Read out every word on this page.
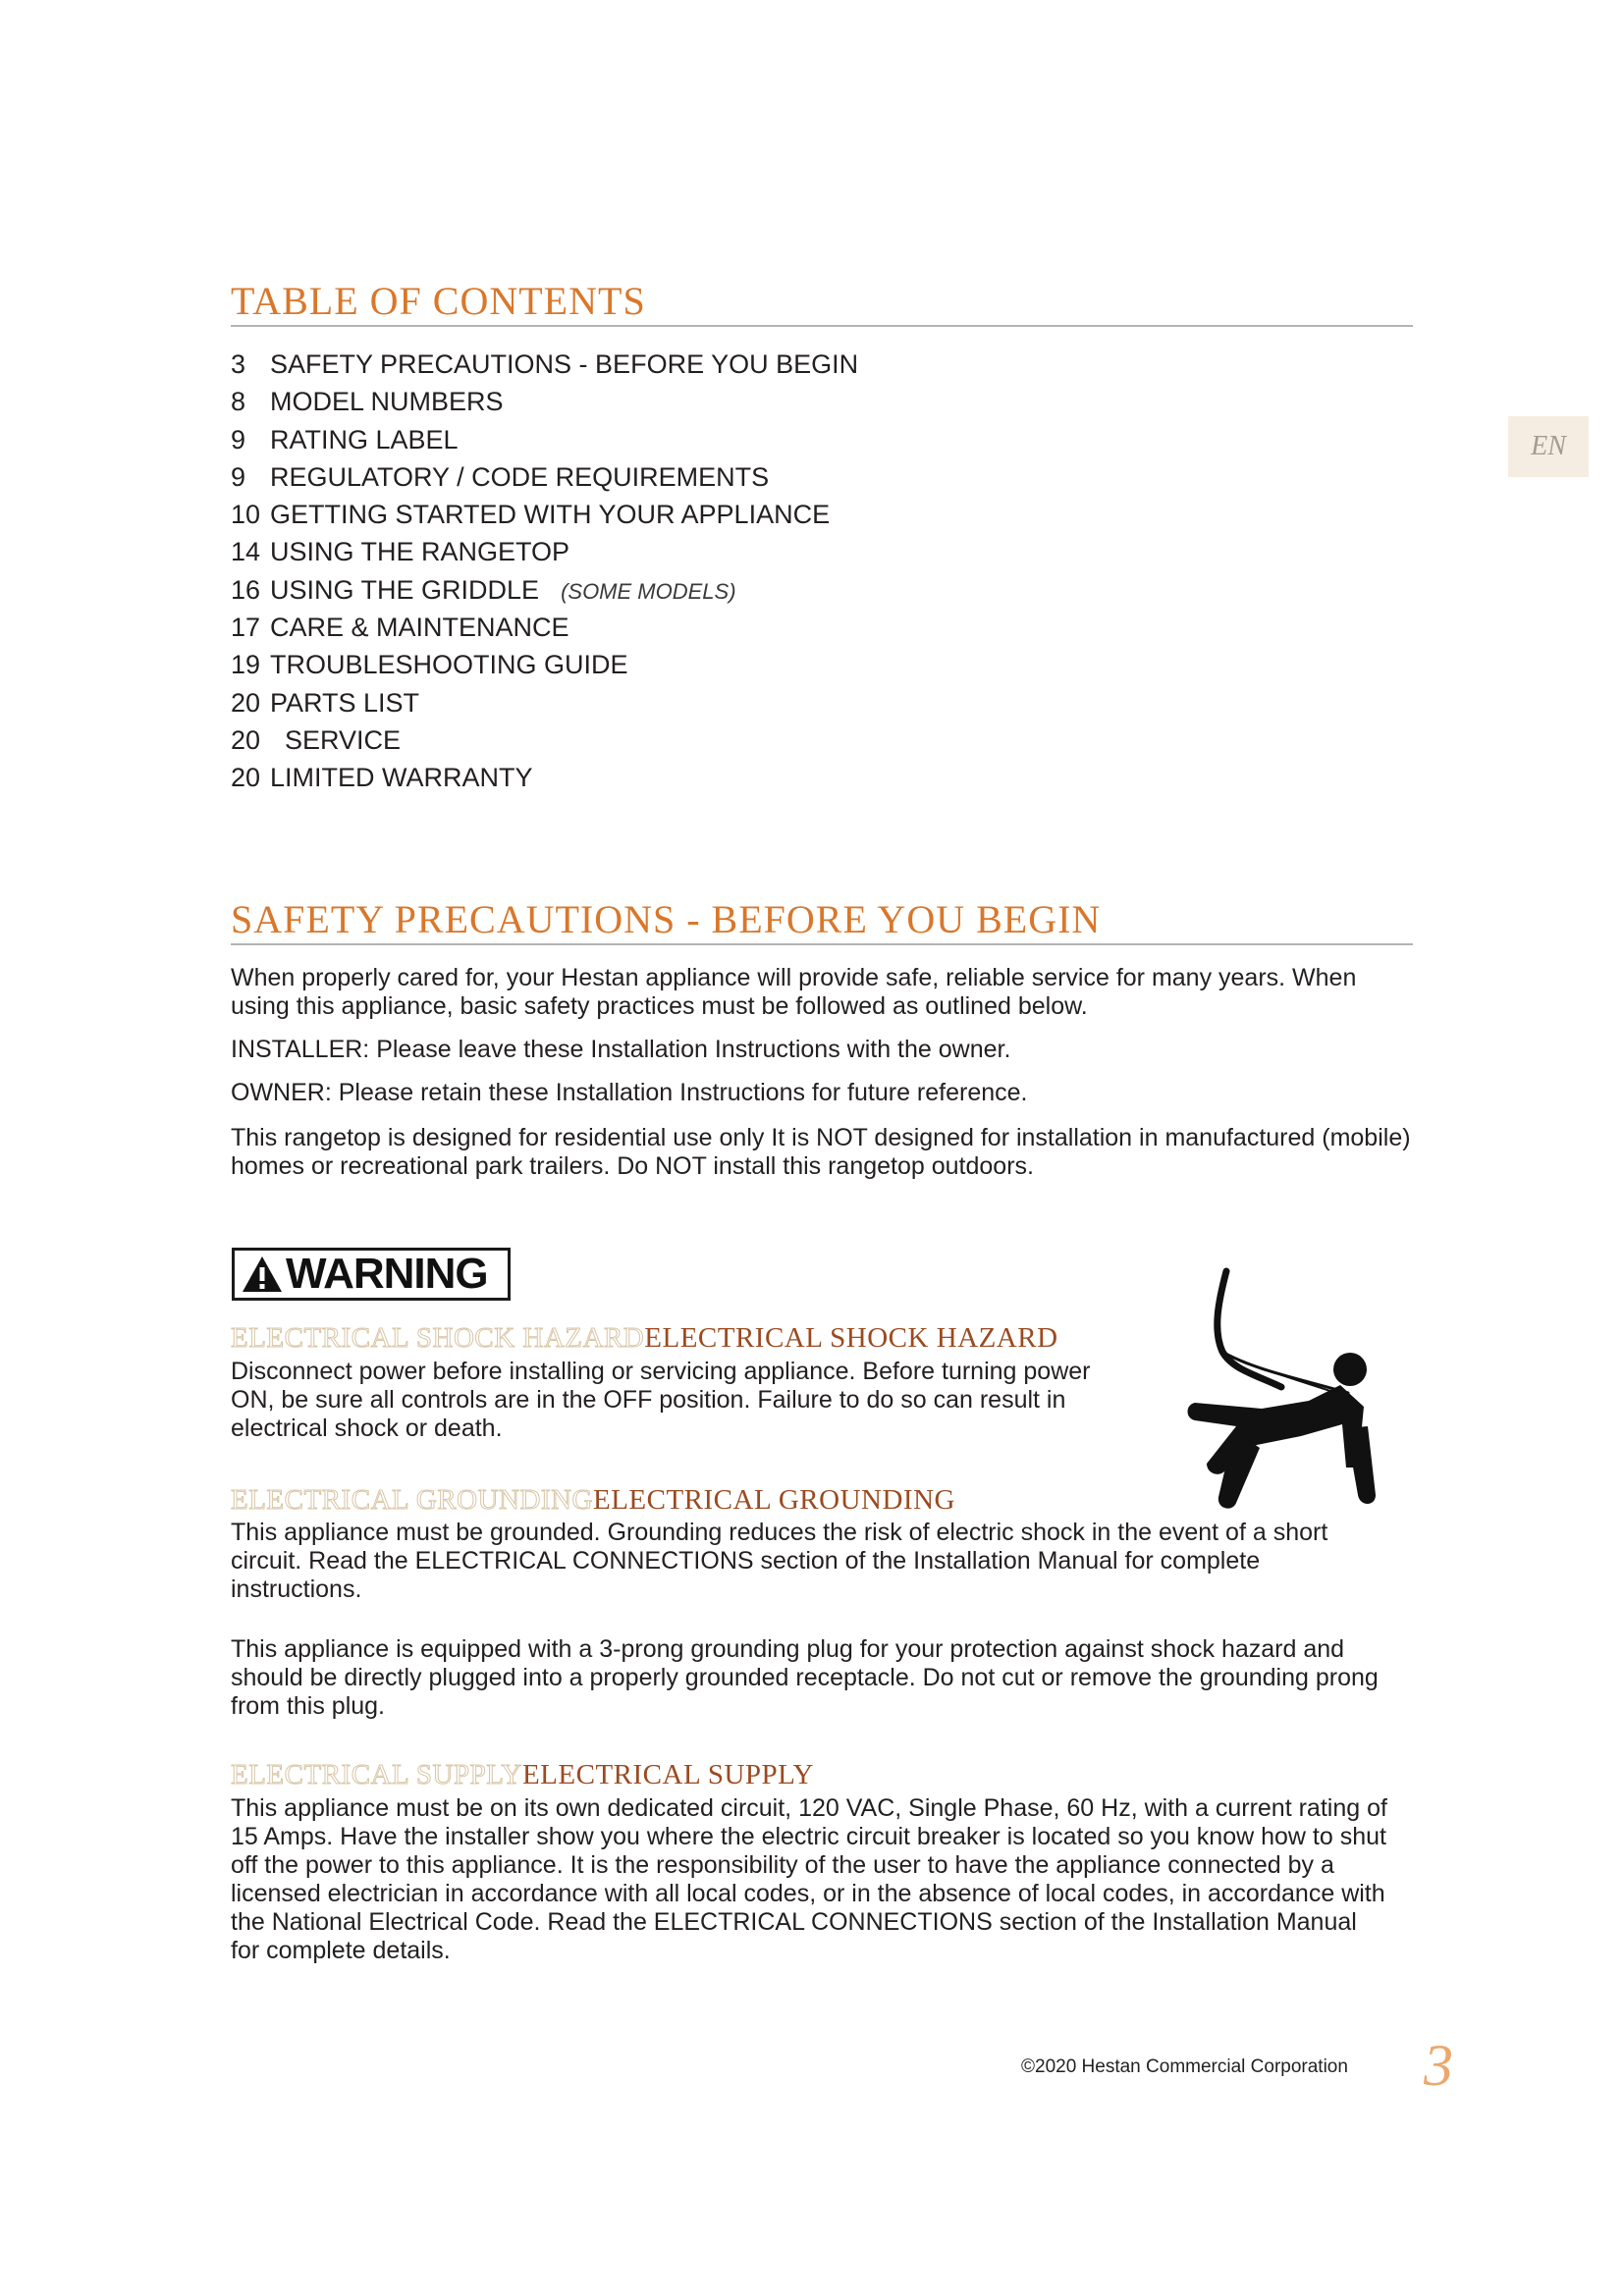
TABLE OF CONTENTS
3 SAFETY PRECAUTIONS - BEFORE YOU BEGIN
8 MODEL NUMBERS
9 RATING LABEL
9 REGULATORY / CODE REQUIREMENTS
10 GETTING STARTED WITH YOUR APPLIANCE
14 USING THE RANGETOP
16 USING THE GRIDDLE (SOME MODELS)
17 CARE & MAINTENANCE
19 TROUBLESHOOTING GUIDE
20 PARTS LIST
20 SERVICE
20 LIMITED WARRANTY
EN
SAFETY PRECAUTIONS - BEFORE YOU BEGIN

When properly cared for, your Hestan appliance will provide safe, reliable service for many years. When using this appliance, basic safety practices must be followed as outlined below.

INSTALLER: Please leave these Installation Instructions with the owner.

OWNER: Please retain these Installation Instructions for future reference.

This rangetop is designed for residential use only It is NOT designed for installation in manufactured (mobile) homes or recreational park trailers. Do NOT install this rangetop outdoors.

WARNING
ELECTRICAL SHOCK HAZARDELECTRICAL SHOCK HAZARD

Disconnect power before installing or servicing appliance. Before turning power ON, be sure all controls are in the OFF position. Failure to do so can result in electrical shock or death.

ELECTRICAL GROUNDINGELECTRICAL GROUNDING

This appliance must be grounded. Grounding reduces the risk of electric shock in the event of a short circuit. Read the ELECTRICAL CONNECTIONS section of the Installation Manual for complete instructions.

This appliance is equipped with a 3-prong grounding plug for your protection against shock hazard and should be directly plugged into a properly grounded receptacle. Do not cut or remove the grounding prong from this plug.

ELECTRICAL SUPPLYELECTRICAL SUPPLY

This appliance must be on its own dedicated circuit, 120 VAC, Single Phase, 60 Hz, with a current rating of 15 Amps. Have the installer show you where the electric circuit breaker is located so you know how to shut off the power to this appliance. It is the responsibility of the user to have the appliance connected by a licensed electrician in accordance with all local codes, or in the absence of local codes, in accordance with the National Electrical Code. Read the ELECTRICAL CONNECTIONS section of the Installation Manual for complete details.

©2020 Hestan Commercial Corporation 3
